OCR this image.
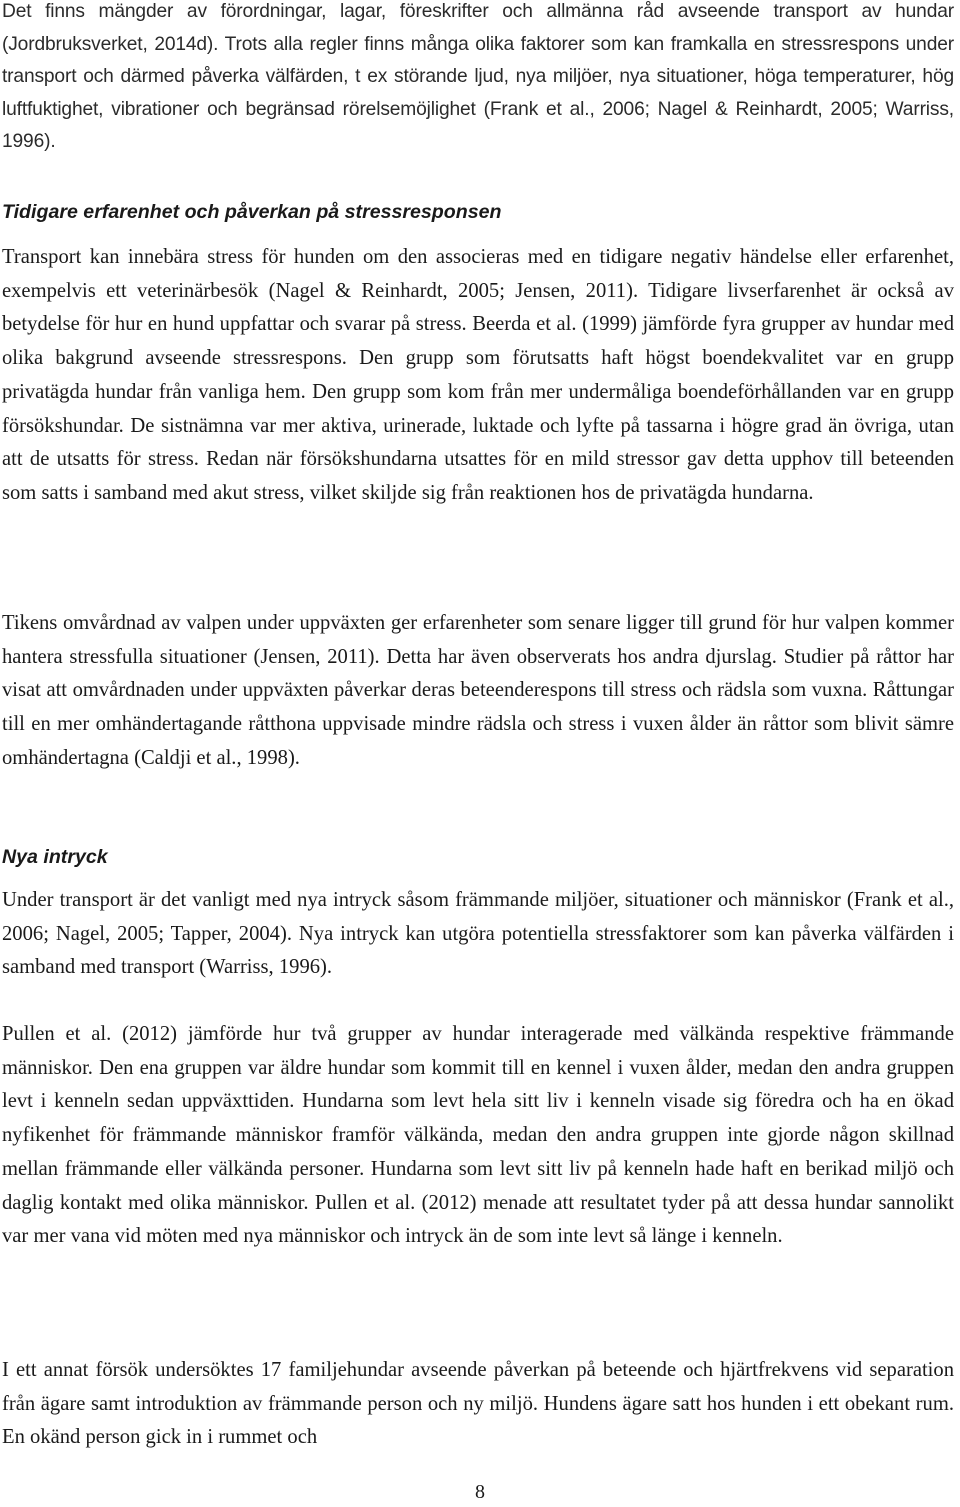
Det finns mängder av förordningar, lagar, föreskrifter och allmänna råd avseende transport av hundar (Jordbruksverket, 2014d). Trots alla regler finns många olika faktorer som kan framkalla en stressrespons under transport och därmed påverka välfärden, t ex störande ljud, nya miljöer, nya situationer, höga temperaturer, hög luftfuktighet, vibrationer och begränsad rörelsemöjlighet (Frank et al., 2006; Nagel & Reinhardt, 2005; Warriss, 1996).

Tidigare erfarenhet och påverkan på stressresponsen

Transport kan innebära stress för hunden om den associeras med en tidigare negativ händelse eller erfarenhet, exempelvis ett veterinärbesök (Nagel & Reinhardt, 2005; Jensen, 2011). Tidigare livserfarenhet är också av betydelse för hur en hund uppfattar och svarar på stress. Beerda et al. (1999) jämförde fyra grupper av hundar med olika bakgrund avseende stressrespons. Den grupp som förutsatts haft högst boendekvalitet var en grupp privatägda hundar från vanliga hem. Den grupp som kom från mer undermåliga boendeförhållanden var en grupp försökshundar. De sistnämna var mer aktiva, urinerade, luktade och lyfte på tassarna i högre grad än övriga, utan att de utsatts för stress. Redan när försökshundarna utsattes för en mild stressor gav detta upphov till beteenden som satts i samband med akut stress, vilket skiljde sig från reaktionen hos de privatägda hundarna.

Tikens omvårdnad av valpen under uppväxten ger erfarenheter som senare ligger till grund för hur valpen kommer hantera stressfulla situationer (Jensen, 2011). Detta har även observerats hos andra djurslag. Studier på råttor har visat att omvårdnaden under uppväxten påverkar deras beteenderespons till stress och rädsla som vuxna. Råttungar till en mer omhändertagande råtthona uppvisade mindre rädsla och stress i vuxen ålder än råttor som blivit sämre omhändertagna (Caldji et al., 1998).

Nya intryck

Under transport är det vanligt med nya intryck såsom främmande miljöer, situationer och människor (Frank et al., 2006; Nagel, 2005; Tapper, 2004). Nya intryck kan utgöra potentiella stressfaktorer som kan påverka välfärden i samband med transport (Warriss, 1996).

Pullen et al. (2012) jämförde hur två grupper av hundar interagerade med välkända respektive främmande människor. Den ena gruppen var äldre hundar som kommit till en kennel i vuxen ålder, medan den andra gruppen levt i kenneln sedan uppväxttiden. Hundarna som levt hela sitt liv i kenneln visade sig föredra och ha en ökad nyfikenhet för främmande människor framför välkända, medan den andra gruppen inte gjorde någon skillnad mellan främmande eller välkända personer. Hundarna som levt sitt liv på kenneln hade haft en berikad miljö och daglig kontakt med olika människor. Pullen et al. (2012) menade att resultatet tyder på att dessa hundar sannolikt var mer vana vid möten med nya människor och intryck än de som inte levt så länge i kenneln.

I ett annat försök undersöktes 17 familjehundar avseende påverkan på beteende och hjärtfrekvens vid separation från ägare samt introduktion av främmande person och ny miljö. Hundens ägare satt hos hunden i ett obekant rum. En okänd person gick in i rummet och

8
